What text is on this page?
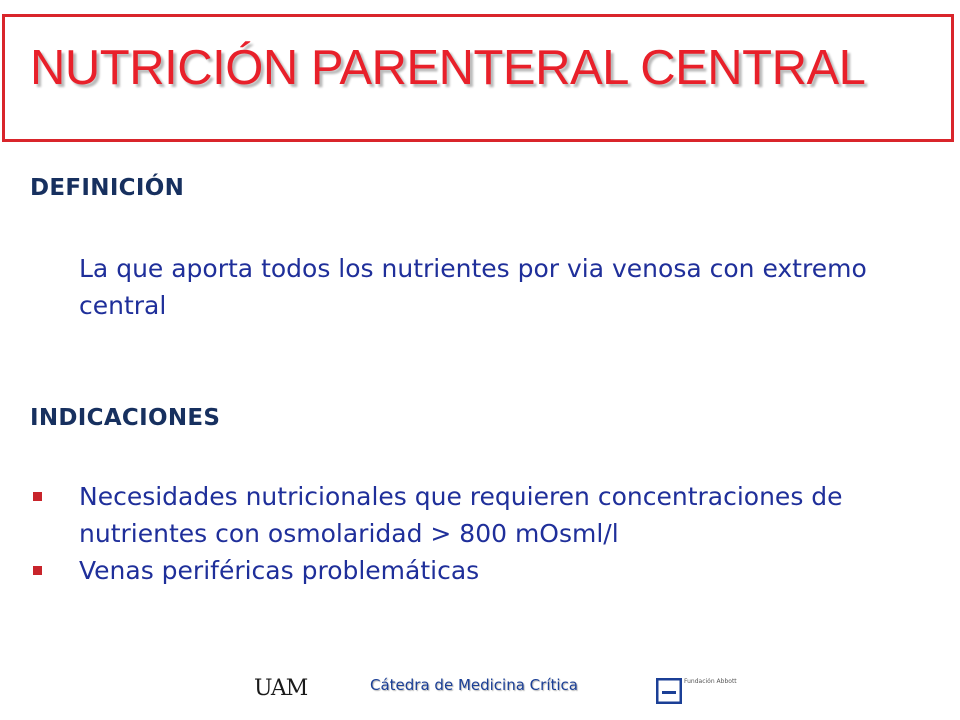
NUTRICIÓN PARENTERAL CENTRAL
DEFINICIÓN

La que aporta todos los nutrientes por via venosa con extremo central

INDICACIONES
Necesidades nutricionales que requieren concentraciones de nutrientes con osmolaridad > 800 mOsml/l
Venas periféricas problemáticas
UAM	Cátedra de Medicina Crítica	Fundación Abbott
